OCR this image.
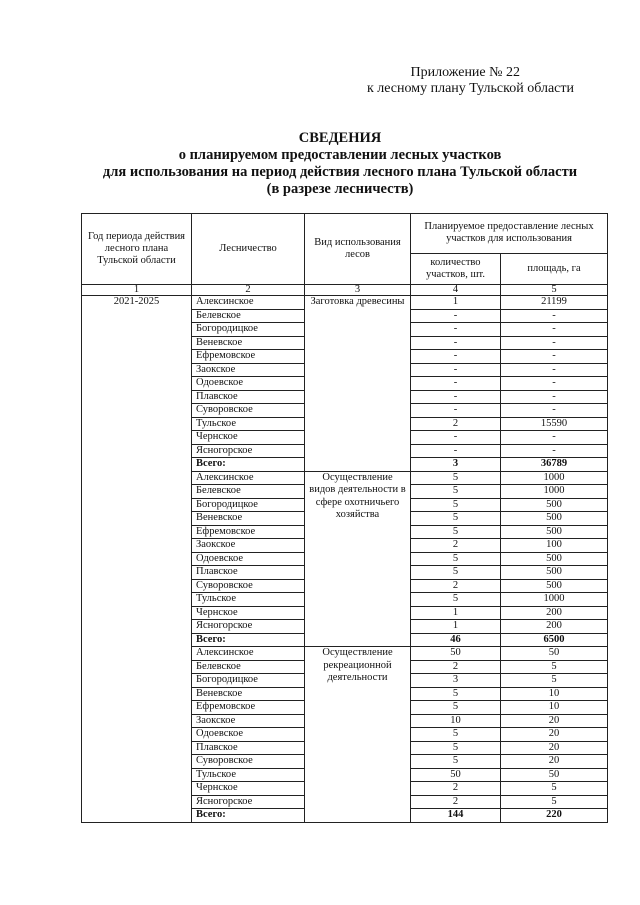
Приложение № 22
к лесному плану Тульской области
СВЕДЕНИЯ
о планируемом предоставлении лесных участков
для использования на период действия лесного плана Тульской области
(в разрезе лесничеств)
Год периода действия лесного плана Тульской области	Лесничество	Вид использования лесов	Планируемое предоставление лесных участков для использования	
			количество участков, шт.	площадь, га
1	2	3	4	5
2021-2025	Алексинское	Заготовка древесины	1	21199
	Белевское		-	-
	Богородицкое		-	-
	Веневское		-	-
	Ефремовское		-	-
	Заокское		-	-
	Одоевское		-	-
	Плавское		-	-
	Суворовское		-	-
	Тульское		2	15590
	Чернское		-	-
	Ясногорское		-	-
	Всего:		3	36789
	Алексинское	Осуществление видов деятельности в сфере охотничьего хозяйства	5	1000
	Белевское		5	1000
	Богородицкое		5	500
	Веневское		5	500
	Ефремовское		5	500
	Заокское		2	100
	Одоевское		5	500
	Плавское		5	500
	Суворовское		2	500
	Тульское		5	1000
	Чернское		1	200
	Ясногорское		1	200
	Всего:		46	6500
	Алексинское	Осуществление рекреационной деятельности	50	50
	Белевское		2	5
	Богородицкое		3	5
	Веневское		5	10
	Ефремовское		5	10
	Заокское		10	20
	Одоевское		5	20
	Плавское		5	20
	Суворовское		5	20
	Тульское		50	50
	Чернское		2	5
	Ясногорское		2	5
	Всего:		144	220
